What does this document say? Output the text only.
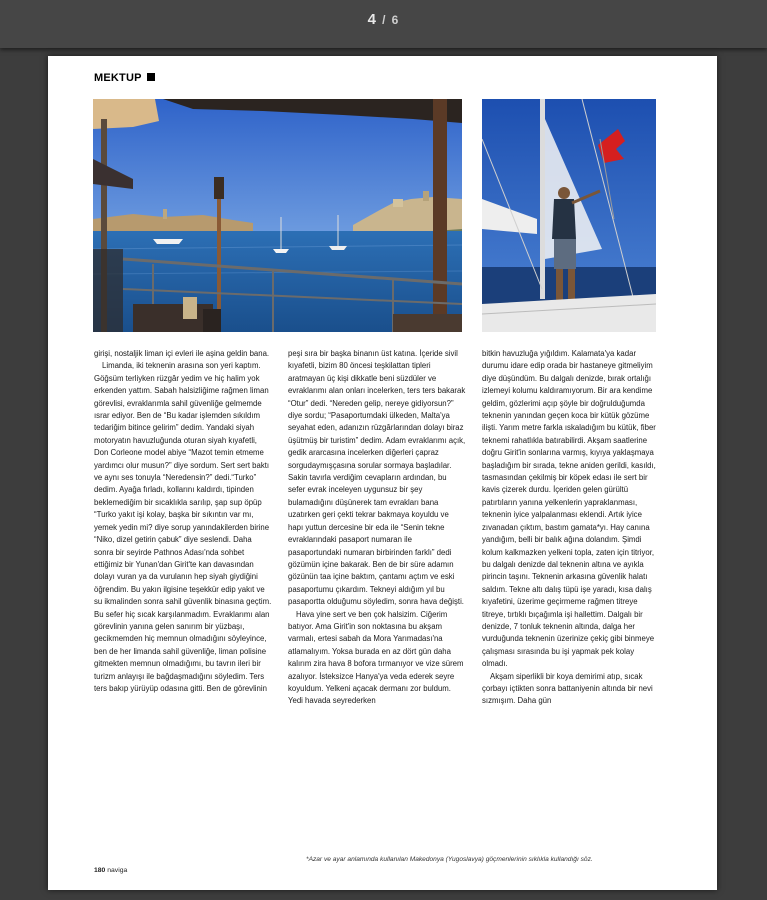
4 / 6
MEKTUP

girişi, nostaljik liman içi evleri ile aşina geldin bana.

Limanda, iki teknenin arasına son yeri kaptım. Göğsüm terliyken rüzgâr yedim ve hiç halim yok erkenden yattım. Sabah halsizliğime rağmen liman görevlisi, evraklarımla sahil güvenliğe gelmemde ısrar ediyor. Ben de “Bu kadar işlemden sıkıldım tedariğim bitince gelirim” dedim. Yandaki siyah motoryatın havuzluğunda oturan siyah kıyafetli, Don Corleone model abiye “Mazot temin etmeme yardımcı olur musun?” diye sordum. Sert sert baktı ve aynı ses tonuyla “Neredensin?” dedi.“Turko” dedim. Ayağa fırladı, kollarını kaldırdı, tipinden beklemediğim bir sıcaklıkla sarılıp, şap sup öpüp “Turko yakıt işi kolay, başka bir sıkıntın var mı, yemek yedin mi? diye sorup yanındakilerden birine “Niko, dizel getirin çabuk” diye seslendi. Daha sonra bir seyirde Pathnos Adası'nda sohbet ettiğimiz bir Yunan'dan Girit'te kan davasından dolayı vuran ya da vurulanın hep siyah giydiğini öğrendim. Bu yakın ilgisine teşekkür edip yakıt ve su ikmalinden sonra sahil güvenlik binasına geçtim. Bu sefer hiç sıcak karşılanmadım. Evraklarımı alan görevlinin yanına gelen sanırım bir yüzbaşı, gecikmemden hiç memnun olmadığını söyleyince, ben de her limanda sahil güvenliğe, liman polisine gitmekten memnun olmadığımı, bu tavrın ileri bir turizm anlayışı ile bağdaşmadığını söyledim. Ters ters bakıp yürüyüp odasına gitti. Ben de görevlinin

peşi sıra bir başka binanın üst katına. İçeride sivil kıyafetli, bizim 80 öncesi teşkilattan tipleri aratmayan üç kişi dikkatle beni süzdüler ve evraklarımı alan onları incelerken, ters ters bakarak “Otur” dedi. “Nereden gelip, nereye gidiyorsun?” diye sordu; “Pasaportumdaki ülkeden, Malta'ya seyahat eden, adanızın rüzgârlarından dolayı biraz üşütmüş bir turistim” dedim. Adam evraklarımı açık, gedik ararcasına incelerken diğerleri çapraz sorgudaymışçasına sorular sormaya başladılar. Sakin tavırla verdiğim cevapların ardından, bu sefer evrak inceleyen uygunsuz bir şey bulamadığını düşünerek tam evrakları bana uzatırken geri çekti tekrar bakmaya koyuldu ve hapı yuttun dercesine bir eda ile “Senin tekne evraklarındaki pasaport numaran ile pasaportundaki numaran birbirinden farklı” dedi gözümün içine bakarak. Ben de bir süre adamın gözünün taa içine baktım, çantamı açtım ve eski pasaportumu çıkardım. Tekneyi aldığım yıl bu pasaportta olduğumu söyledim, sonra hava değişti.

Hava yine sert ve ben çok halsizim. Ciğerim batıyor. Ama Girit'in son noktasına bu akşam varmalı, ertesi sabah da Mora Yarımadası'na atlamalıyım. Yoksa burada en az dört gün daha kalırım zira hava 8 bofora tırmanıyor ve vize sürem azalıyor. İsteksizce Hanya'ya veda ederek seyre koyuldum. Yelkeni açacak dermanı zor buldum. Yedi havada seyrederken

bitkin havuzluğa yığıldım. Kalamata'ya kadar durumu idare edip orada bir hastaneye gitmeliyim diye düşündüm. Bu dalgalı denizde, bırak ortalığı izlemeyi kolumu kaldıramıyorum. Bir ara kendime geldim, gözlerimi açıp şöyle bir doğrulduğumda teknenin yanından geçen koca bir kütük gözüme ilişti. Yarım metre farkla ıskaladığım bu kütük, fiber teknemi rahatlıkla batırabilirdi. Akşam saatlerine doğru Girit'in sonlarına varmış, kıyıya yaklaşmaya başladığım bir sırada, tekne aniden gerildi, kasıldı, tasmasından çekilmiş bir köpek edası ile sert bir kavis çizerek durdu. İçeriden gelen gürültü patırtıların yanına yelkenlerin yapraklanması, teknenin iyice yalpalanması eklendi. Artık iyice zıvanadan çıktım, bastım gamata*yı. Hay canına yandığım, belli bir balık ağına dolandım. Şimdi kolum kalkmazken yelkeni topla, zaten için titriyor, bu dalgalı denizde dal teknenin altına ve ayıkla pirincin taşını. Teknenin arkasına güvenlik halatı saldım. Tekne altı dalış tüpü işe yaradı, kısa dalış kıyafetini, üzerime geçirmeme rağmen titreye titreye, tırtıklı bıçağımla işi hallettim. Dalgalı bir denizde, 7 tonluk teknenin altında, dalga her vurduğunda teknenin üzerinize çekiç gibi binmeye çalışması sırasında bu işi yapmak pek kolay olmadı.

Akşam siperlikli bir koya demirimi atıp, sıcak çorbayı içtikten sonra battaniyenin altında bir nevi sızmışım. Daha gün

*Azar ve ayar anlamında kullanılan Makedonya (Yugoslavya) göçmenlerinin sıklıkla kullandığı söz.
180 naviga
